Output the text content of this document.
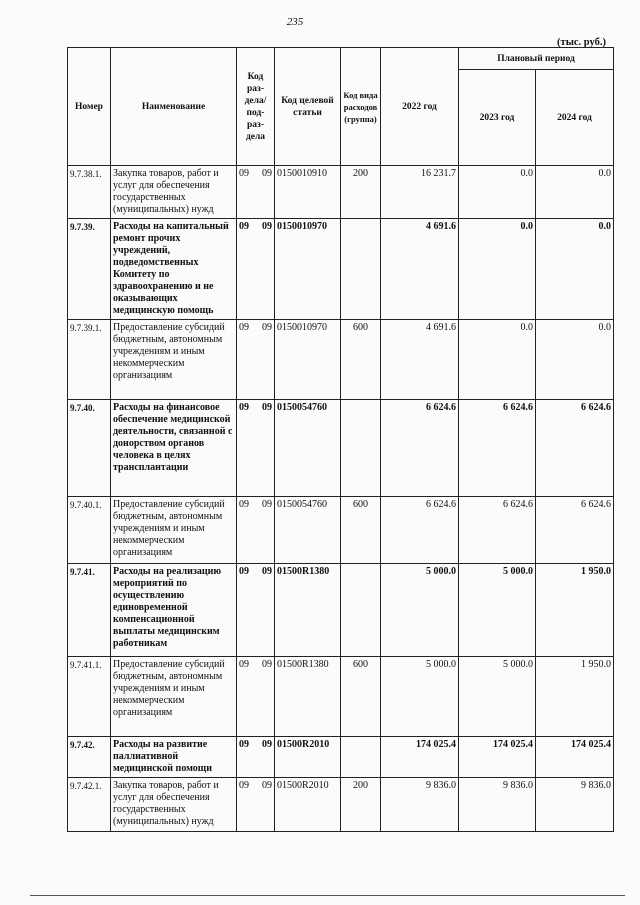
235
(тыс. руб.)
Номер	Наименование	Код раз- дела/ под- раз- дела	Код целевой статьи	Код вида расходов (группа)	2022 год	Плановый период	
						2023 год	2024 год
9.7.38.1.	Закупка товаров, работ и услуг для обеспечения государственных (муниципальных) нужд	09 09	0150010910	200	16 231.7	0.0	0.0
9.7.39.	Расходы на капитальный ремонт прочих учреждений, подведомственных Комитету по здравоохранению и не оказывающих медицинскую помощь	09 09	0150010970		4 691.6	0.0	0.0
9.7.39.1.	Предоставление субсидий бюджетным, автономным учреждениям и иным некоммерческим организациям	09 09	0150010970	600	4 691.6	0.0	0.0
9.7.40.	Расходы на финансовое обеспечение медицинской деятельности, связанной с донорством органов человека в целях трансплантации	09 09	0150054760		6 624.6	6 624.6	6 624.6
9.7.40.1.	Предоставление субсидий бюджетным, автономным учреждениям и иным некоммерческим организациям	09 09	0150054760	600	6 624.6	6 624.6	6 624.6
9.7.41.	Расходы на реализацию мероприятий по осуществлению единовременной компенсационной выплаты медицинским работникам	09 09	01500R1380		5 000.0	5 000.0	1 950.0
9.7.41.1.	Предоставление субсидий бюджетным, автономным учреждениям и иным некоммерческим организациям	09 09	01500R1380	600	5 000.0	5 000.0	1 950.0
9.7.42.	Расходы на развитие паллиативной медицинской помощи	09 09	01500R2010		174 025.4	174 025.4	174 025.4
9.7.42.1.	Закупка товаров, работ и услуг для обеспечения государственных (муниципальных) нужд	09 09	01500R2010	200	9 836.0	9 836.0	9 836.0
